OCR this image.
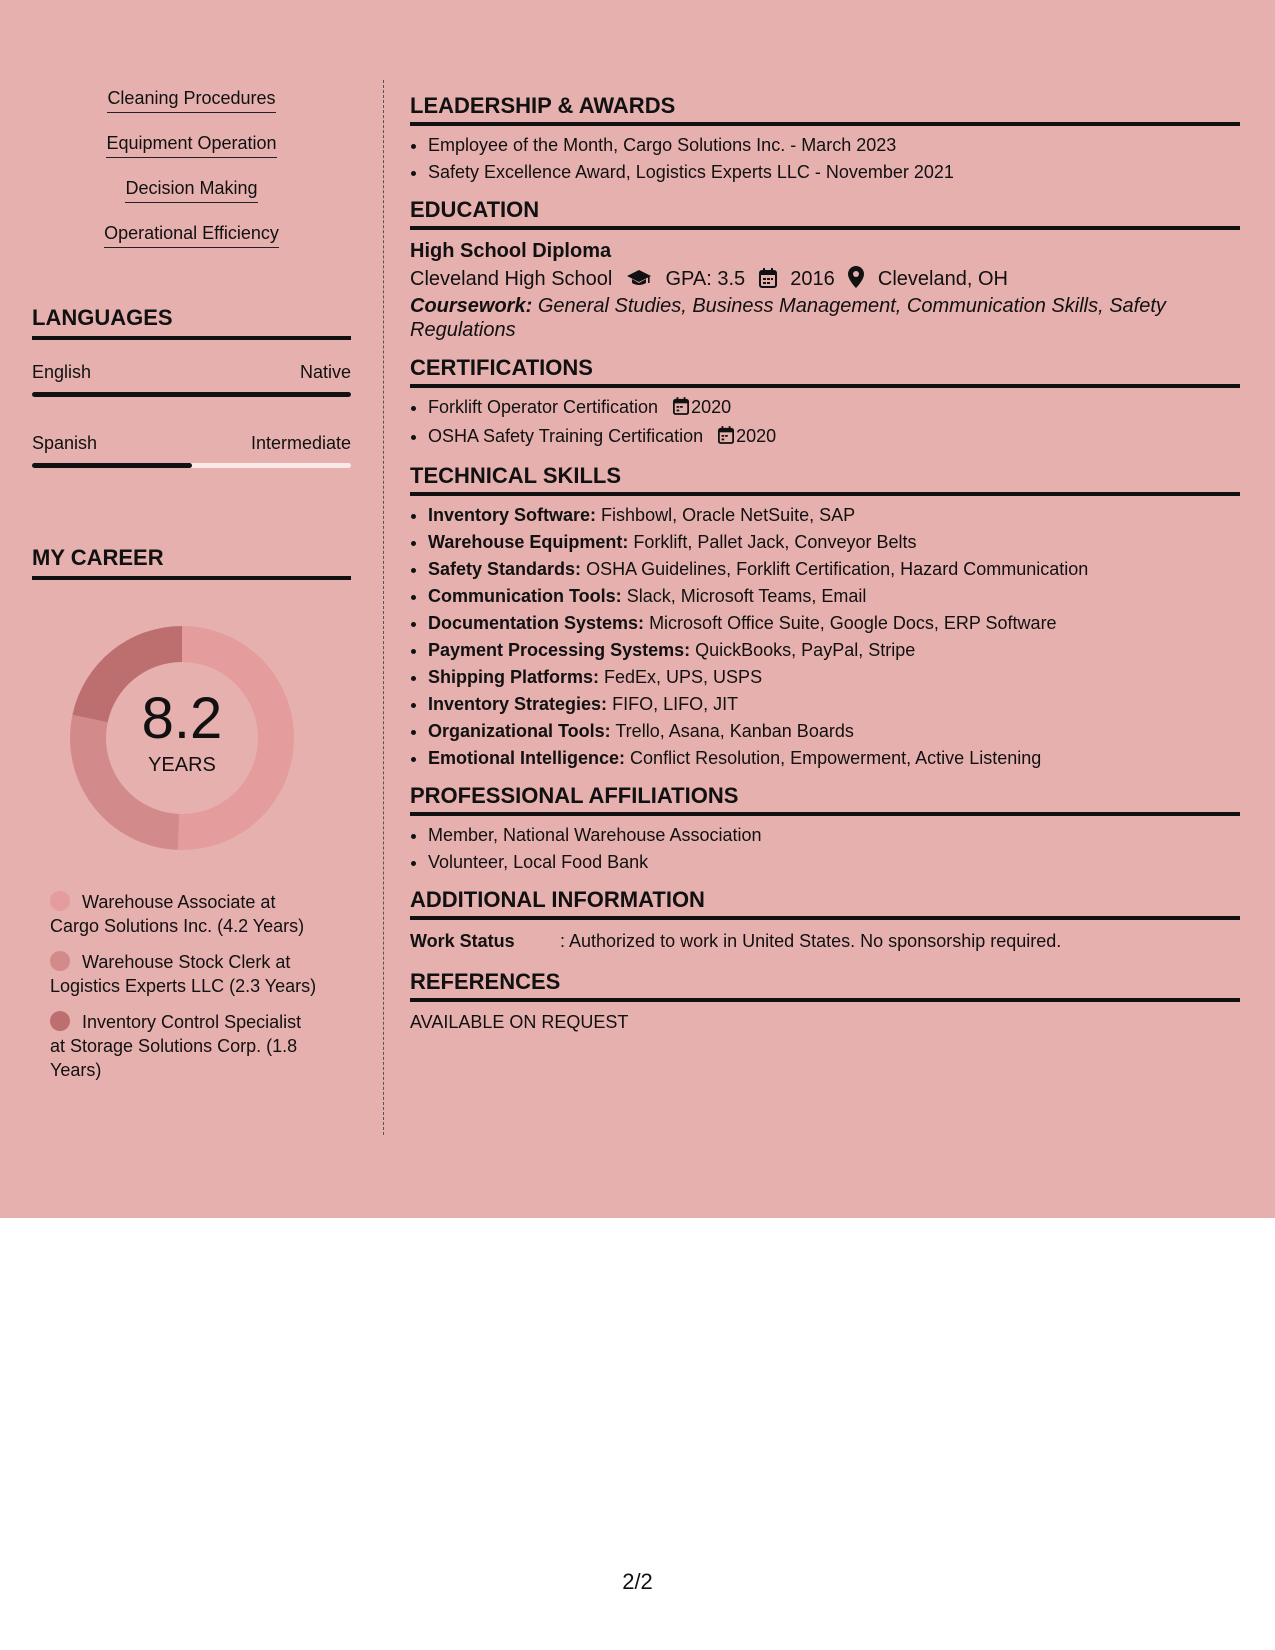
Cleaning Procedures
Equipment Operation
Decision Making
Operational Efficiency
LANGUAGES
English	Native
Spanish	Intermediate
MY CAREER
8.2
YEARS
Warehouse Associate at Cargo Solutions Inc. (4.2 Years)
Warehouse Stock Clerk at Logistics Experts LLC (2.3 Years)
Inventory Control Specialist at Storage Solutions Corp. (1.8 Years)
LEADERSHIP & AWARDS
• Employee of the Month, Cargo Solutions Inc. - March 2023
• Safety Excellence Award, Logistics Experts LLC - November 2021
EDUCATION
High School Diploma
Cleveland High School	GPA: 3.5 2016 Cleveland, OH
Coursework: General Studies, Business Management, Communication Skills, Safety Regulations
CERTIFICATIONS
• Forklift Operator Certification 2020
• OSHA Safety Training Certification 2020
TECHNICAL SKILLS
• Inventory Software: Fishbowl, Oracle NetSuite, SAP
• Warehouse Equipment: Forklift, Pallet Jack, Conveyor Belts
• Safety Standards: OSHA Guidelines, Forklift Certification, Hazard Communication
• Communication Tools: Slack, Microsoft Teams, Email
• Documentation Systems: Microsoft Office Suite, Google Docs, ERP Software
• Payment Processing Systems: QuickBooks, PayPal, Stripe
• Shipping Platforms: FedEx, UPS, USPS
• Inventory Strategies: FIFO, LIFO, JIT
• Organizational Tools: Trello, Asana, Kanban Boards
• Emotional Intelligence: Conflict Resolution, Empowerment, Active Listening
PROFESSIONAL AFFILIATIONS
• Member, National Warehouse Association
• Volunteer, Local Food Bank
ADDITIONAL INFORMATION
Work Status	: Authorized to work in United States. No sponsorship required.
REFERENCES
AVAILABLE ON REQUEST
2/2
